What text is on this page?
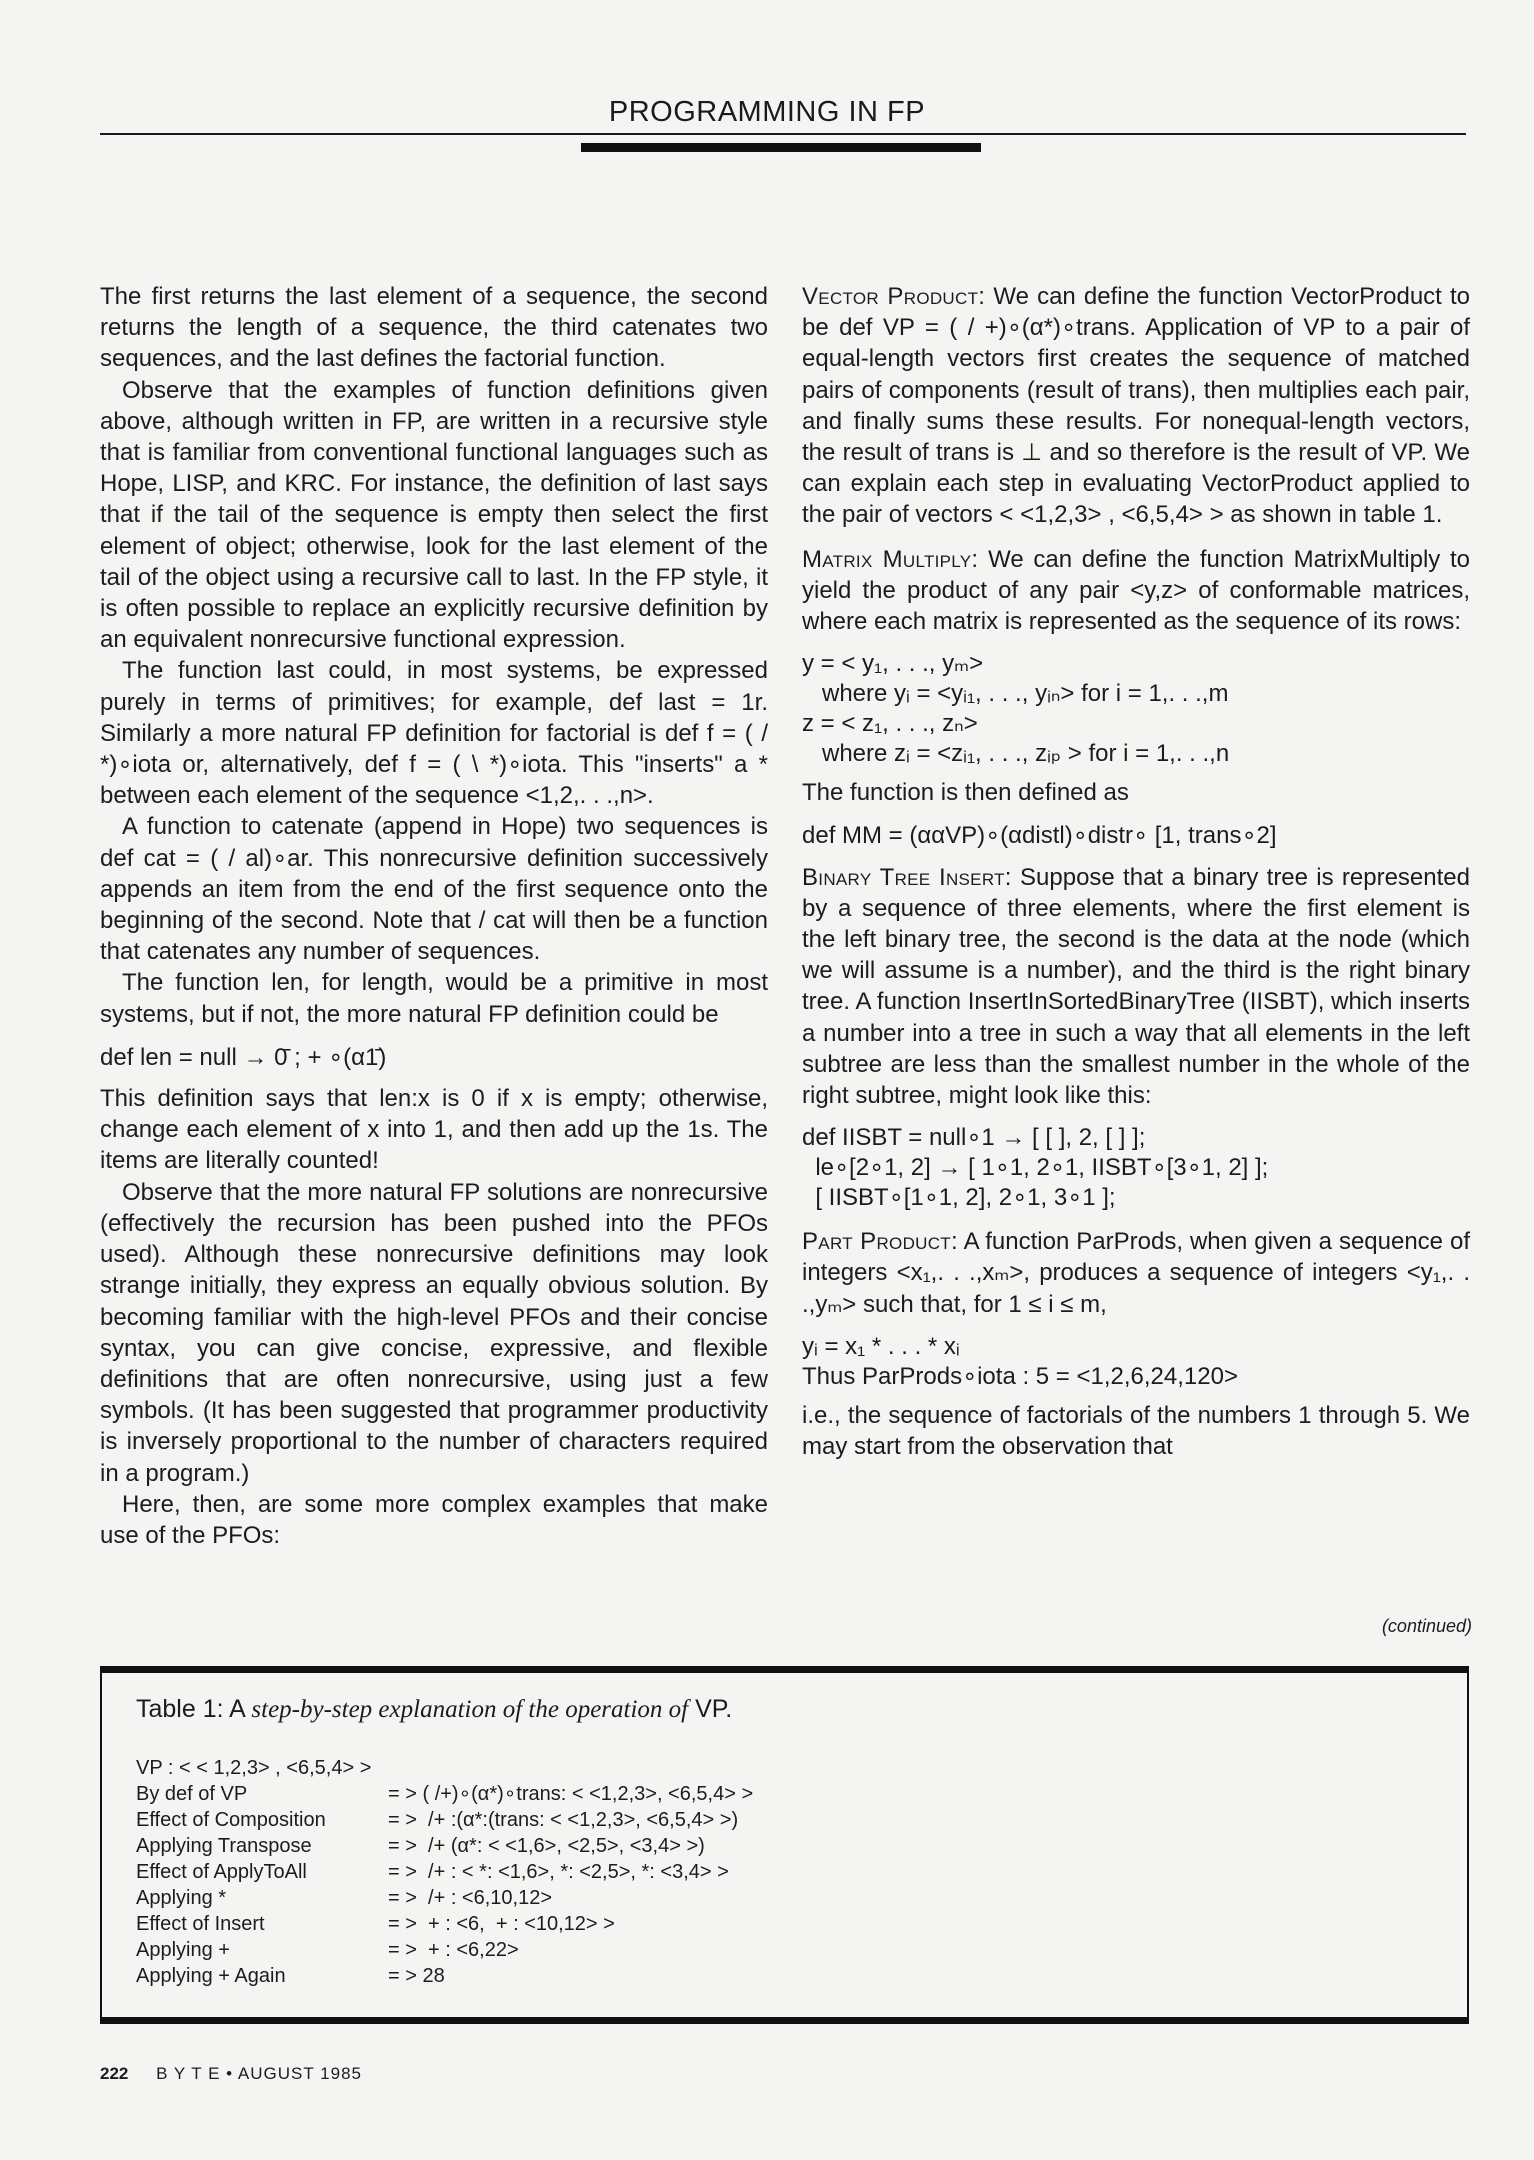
PROGRAMMING IN FP

The first returns the last element of a sequence, the second returns the length of a sequence, the third catenates two sequences, and the last defines the factorial function.

Observe that the examples of function definitions given above, although written in FP, are written in a recursive style that is familiar from conventional functional languages such as Hope, LISP, and KRC. For instance, the definition of last says that if the tail of the sequence is empty then select the first element of object; otherwise, look for the last element of the tail of the object using a recursive call to last. In the FP style, it is often possible to replace an explicitly recursive definition by an equivalent nonrecursive functional expression.

The function last could, in most systems, be expressed purely in terms of primitives; for example, def last = 1r. Similarly a more natural FP definition for factorial is def f = ( / *)∘iota or, alternatively, def f = ( \ *)∘iota. This "inserts" a * between each element of the sequence <1,2,. . .,n>.

A function to catenate (append in Hope) two sequences is def cat = ( / al)∘ar. This nonrecursive definition successively appends an item from the end of the first sequence onto the beginning of the second. Note that / cat will then be a function that catenates any number of sequences.

The function len, for length, would be a primitive in most systems, but if not, the more natural FP definition could be

def len = null → 0̄ ; + ∘(α1̄)

This definition says that len:x is 0 if x is empty; otherwise, change each element of x into 1, and then add up the 1s. The items are literally counted!

Observe that the more natural FP solutions are nonrecursive (effectively the recursion has been pushed into the PFOs used). Although these nonrecursive definitions may look strange initially, they express an equally obvious solution. By becoming familiar with the high-level PFOs and their concise syntax, you can give concise, expressive, and flexible definitions that are often nonrecursive, using just a few symbols. (It has been suggested that programmer productivity is inversely proportional to the number of characters required in a program.)

Here, then, are some more complex examples that make use of the PFOs:

Vector Product: We can define the function VectorProduct to be def VP = ( / +)∘(α*)∘trans. Application of VP to a pair of equal-length vectors first creates the sequence of matched pairs of components (result of trans), then multiplies each pair, and finally sums these results. For nonequal-length vectors, the result of trans is ⊥ and so therefore is the result of VP. We can explain each step in evaluating VectorProduct applied to the pair of vectors < <1,2,3> , <6,5,4> > as shown in table 1.

Matrix Multiply: We can define the function MatrixMultiply to yield the product of any pair <y,z> of conformable matrices, where each matrix is represented as the sequence of its rows:

y = < y₁, . . ., yₘ>
where yᵢ = <yᵢ₁, . . ., yᵢₙ> for i = 1,. . .,m
z = < z₁, . . ., zₙ>
where zᵢ = <zᵢ₁, . . ., zᵢₚ > for i = 1,. . .,n

The function is then defined as

def MM = (ααVP)∘(αdistl)∘distr∘ [1, trans∘2]

Binary Tree Insert: Suppose that a binary tree is represented by a sequence of three elements, where the first element is the left binary tree, the second is the data at the node (which we will assume is a number), and the third is the right binary tree. A function InsertInSortedBinaryTree (IISBT), which inserts a number into a tree in such a way that all elements in the left subtree are less than the smallest number in the whole of the right subtree, might look like this:

def IISBT = null∘1 → [ [ ], 2, [ ] ];
le∘[2∘1, 2] → [ 1∘1, 2∘1, IISBT∘[3∘1, 2] ];
[ IISBT∘[1∘1, 2], 2∘1, 3∘1 ];

Part Product: A function ParProds, when given a sequence of integers <x₁,. . .,xₘ>, produces a sequence of integers <y₁,. . .,yₘ> such that, for 1 ≤ i ≤ m,

yᵢ = x₁ * . . . * xᵢ
Thus ParProds∘iota : 5 = <1,2,6,24,120>

i.e., the sequence of factorials of the numbers 1 through 5. We may start from the observation that

(continued)
Table 1: A step-by-step explanation of the operation of VP.
VP : < < 1,2,3> , <6,5,4> >
By def of VP	= > ( /+)∘(α*)∘trans: < <1,2,3>, <6,5,4> >
Effect of Composition	= >  /+ :(α*:(trans: < <1,2,3>, <6,5,4> >)
Applying Transpose	= >  /+ (α*: < <1,6>, <2,5>, <3,4> >)
Effect of ApplyToAll	= >  /+ : < *: <1,6>, *: <2,5>, *: <3,4> >
Applying *	= >  /+ : <6,10,12>
Effect of Insert	= >  + : <6,  + : <10,12> >
Applying +	= >  + : <6,22>
Applying + Again	= > 28
222 B Y T E • AUGUST 1985
